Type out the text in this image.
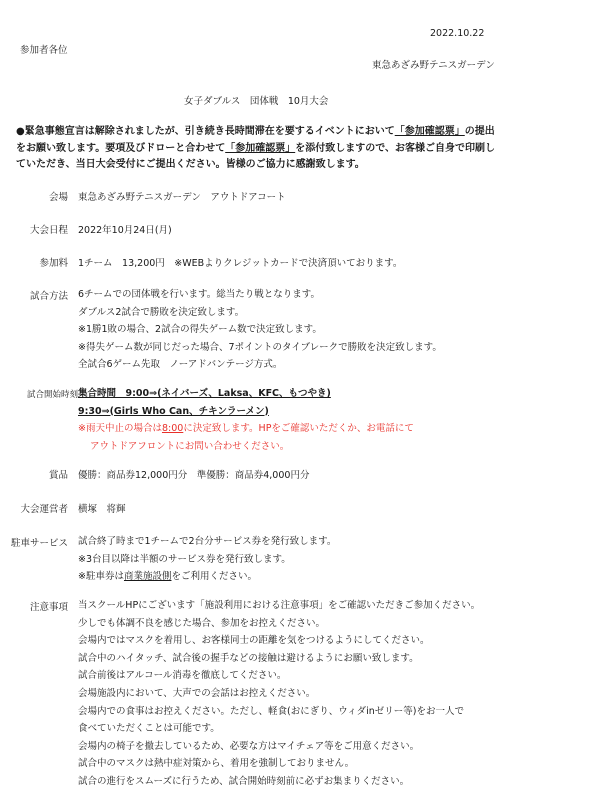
2022.10.22
参加者各位
東急あざみ野テニスガーデン
女子ダブルス　団体戦　10月大会
●緊急事態宣言は解除されましたが、引き続き長時間滞在を要するイベントにおいて「参加確認票」の提出
をお願い致します。要項及びドローと合わせて「参加確認票」を添付致しますので、お客様ご自身で印刷し
ていただき、当日大会受付にご提出ください。皆様のご協力に感謝致します。
会場 東急あざみ野テニスガーデン　アウトドアコート
大会日程 2022年10月24日(月)
参加料 1チーム　13,200円　※WEBよりクレジットカードで決済頂いております。
試合方法 6チームでの団体戦を行います。総当たり戦となります。
ダブルス2試合で勝敗を決定致します。
※1勝1敗の場合、2試合の得失ゲーム数で決定致します。
※得失ゲーム数が同じだった場合、7ポイントのタイブレークで勝敗を決定致します。
全試合6ゲーム先取　ノーアドバンテージ方式。
試合開始時刻 集合時間　9:00⇒(ネイバーズ、Laksa、KFC、もつやき)
9:30⇒(Girls Who Can、チキンラーメン)
※雨天中止の場合は8:00に決定致します。HPをご確認いただくか、お電話にて
アウトドアフロントにお問い合わせください。
賞品 優勝：商品券12,000円分　準優勝：商品券4,000円分
大会運営者 横塚　将輝
駐車サービス 試合終了時まで1チームで2台分サービス券を発行致します。
※3台目以降は半額のサービス券を発行致します。
※駐車券は商業施設側をご利用ください。
注意事項 当スクールHPにございます「施設利用における注意事項」をご確認いただきご参加ください。
少しでも体調不良を感じた場合、参加をお控えください。
会場内ではマスクを着用し、お客様同士の距離を気をつけるようにしてください。
試合中のハイタッチ、試合後の握手などの接触は避けるようにお願い致します。
試合前後はアルコール消毒を徹底してください。
会場施設内において、大声での会話はお控えください。
会場内での食事はお控えください。ただし、軽食(おにぎり、ウィダinゼリー等)をお一人で
食べていただくことは可能です。
会場内の椅子を撤去しているため、必要な方はマイチェア等をご用意ください。
試合中のマスクは熱中症対策から、着用を強制しておりません。
試合の進行をスムーズに行うため、試合開始時刻前に必ずお集まりください。
